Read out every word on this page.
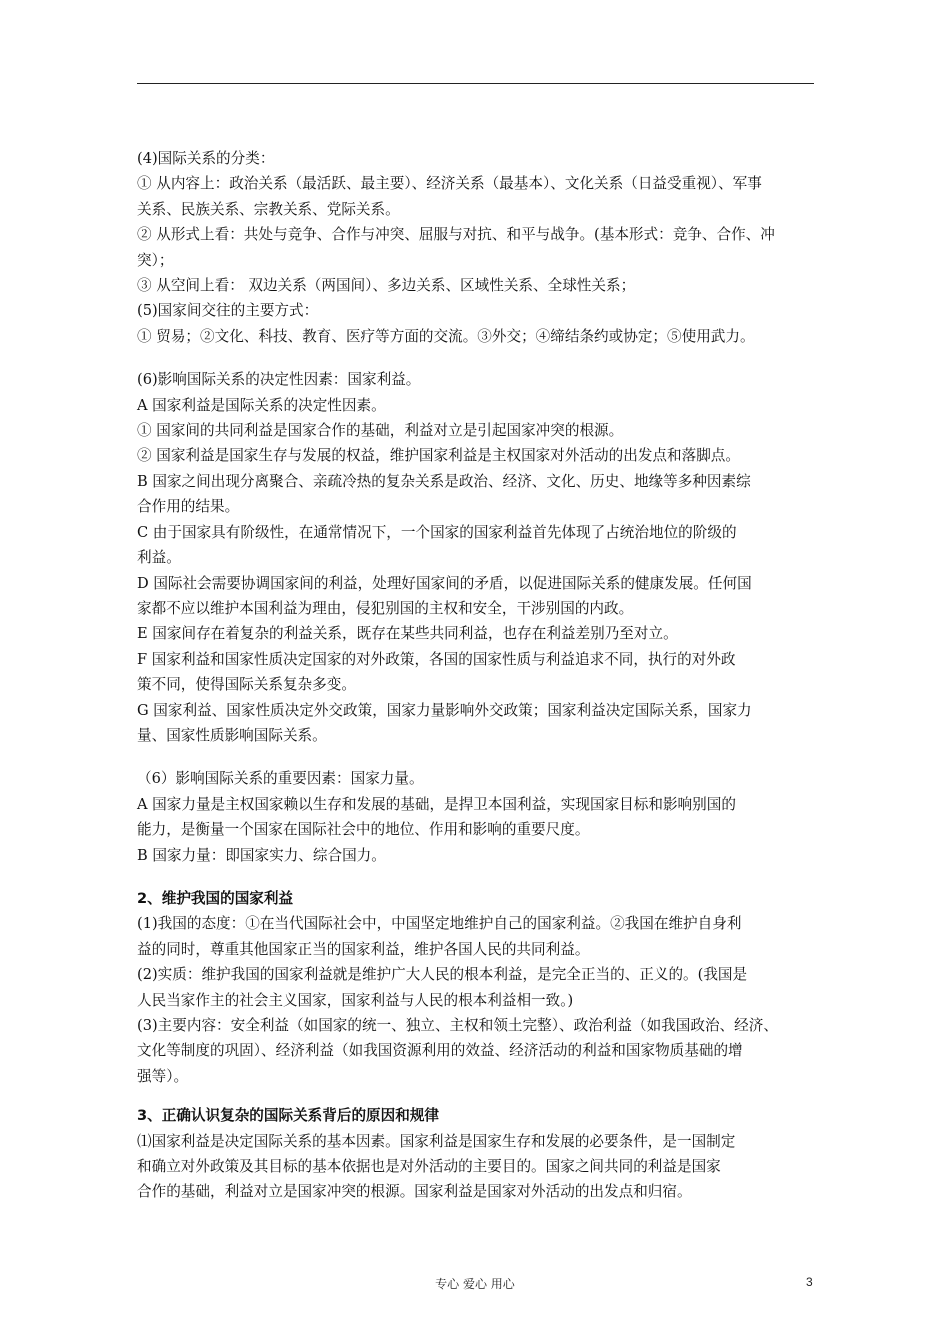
(4)国际关系的分类：
① 从内容上：政治关系（最活跃、最主要）、经济关系（最基本）、文化关系（日益受重视）、军事
关系、民族关系、宗教关系、党际关系。
② 从形式上看：共处与竞争、合作与冲突、屈服与对抗、和平与战争。(基本形式：竞争、合作、冲
突）；
③ 从空间上看： 双边关系（两国间）、多边关系、区域性关系、全球性关系；
(5)国家间交往的主要方式：
① 贸易；②文化、科技、教育、医疗等方面的交流。③外交；④缔结条约或协定；⑤使用武力。
(6)影响国际关系的决定性因素：国家利益。
A 国家利益是国际关系的决定性因素。
① 国家间的共同利益是国家合作的基础，利益对立是引起国家冲突的根源。
② 国家利益是国家生存与发展的权益，维护国家利益是主权国家对外活动的出发点和落脚点。
B 国家之间出现分离聚合、亲疏冷热的复杂关系是政治、经济、文化、历史、地缘等多种因素综
合作用的结果。
C 由于国家具有阶级性，在通常情况下，一个国家的国家利益首先体现了占统治地位的阶级的
利益。
D 国际社会需要协调国家间的利益，处理好国家间的矛盾，以促进国际关系的健康发展。任何国
家都不应以维护本国利益为理由，侵犯别国的主权和安全，干涉别国的内政。
E 国家间存在着复杂的利益关系，既存在某些共同利益，也存在利益差别乃至对立。
F 国家利益和国家性质决定国家的对外政策，各国的国家性质与利益追求不同，执行的对外政
策不同，使得国际关系复杂多变。
G 国家利益、国家性质决定外交政策，国家力量影响外交政策；国家利益决定国际关系，国家力
量、国家性质影响国际关系。
（6）影响国际关系的重要因素：国家力量。
A 国家力量是主权国家赖以生存和发展的基础，是捍卫本国利益，实现国家目标和影响别国的
能力，是衡量一个国家在国际社会中的地位、作用和影响的重要尺度。
B 国家力量：即国家实力、综合国力。
2、维护我国的国家利益
(1)我国的态度：①在当代国际社会中，中国坚定地维护自己的国家利益。②我国在维护自身利
益的同时，尊重其他国家正当的国家利益，维护各国人民的共同利益。
(2)实质：维护我国的国家利益就是维护广大人民的根本利益，是完全正当的、正义的。(我国是
人民当家作主的社会主义国家，国家利益与人民的根本利益相一致。)
(3)主要内容：安全利益（如国家的统一、独立、主权和领土完整）、政治利益（如我国政治、经济、
文化等制度的巩固）、经济利益（如我国资源利用的效益、经济活动的利益和国家物质基础的增
强等）。
3、正确认识复杂的国际关系背后的原因和规律
⑴国家利益是决定国际关系的基本因素。国家利益是国家生存和发展的必要条件，是一国制定
和确立对外政策及其目标的基本依据也是对外活动的主要目的。国家之间共同的利益是国家
合作的基础，利益对立是国家冲突的根源。国家利益是国家对外活动的出发点和归宿。
专心 爱心 用心	3
